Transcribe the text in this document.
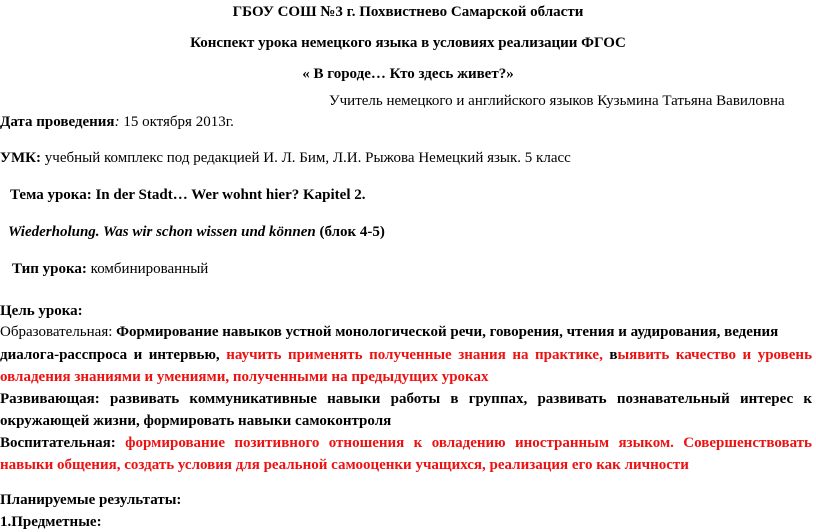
ГБОУ СОШ №3 г. Похвистнево Самарской области
Конспект урока немецкого языка в условиях реализации ФГОС
« В городе… Кто здесь живет?»
Учитель немецкого и английского языков Кузьмина Татьяна Вавиловна
Дата проведения: 15 октября 2013г.
УМК: учебный комплекс под редакцией И. Л. Бим, Л.И. Рыжова Немецкий язык. 5 класс
Тема урока: In der Stadt… Wer wohnt hier? Kapitel 2.
Wiederholung. Was wir schon wissen und können (блок 4-5)
Тип урока: комбинированный
Цель урока:
Образовательная: Формирование навыков устной монологической речи, говорения, чтения и аудирования, ведения
диалога-расспроса и интервью, научить применять полученные знания на практике, выявить качество и уровень
овладения знаниями и умениями, полученными на предыдущих уроках
Развивающая: развивать коммуникативные навыки работы в группах, развивать познавательный интерес к
окружающей жизни, формировать навыки самоконтроля
Воспитательная: формирование позитивного отношения к овладению иностранным языком. Совершенствовать
навыки общения, создать условия для реальной самооценки учащихся, реализация его как личности
Планируемые результаты:
1.Предметные:
